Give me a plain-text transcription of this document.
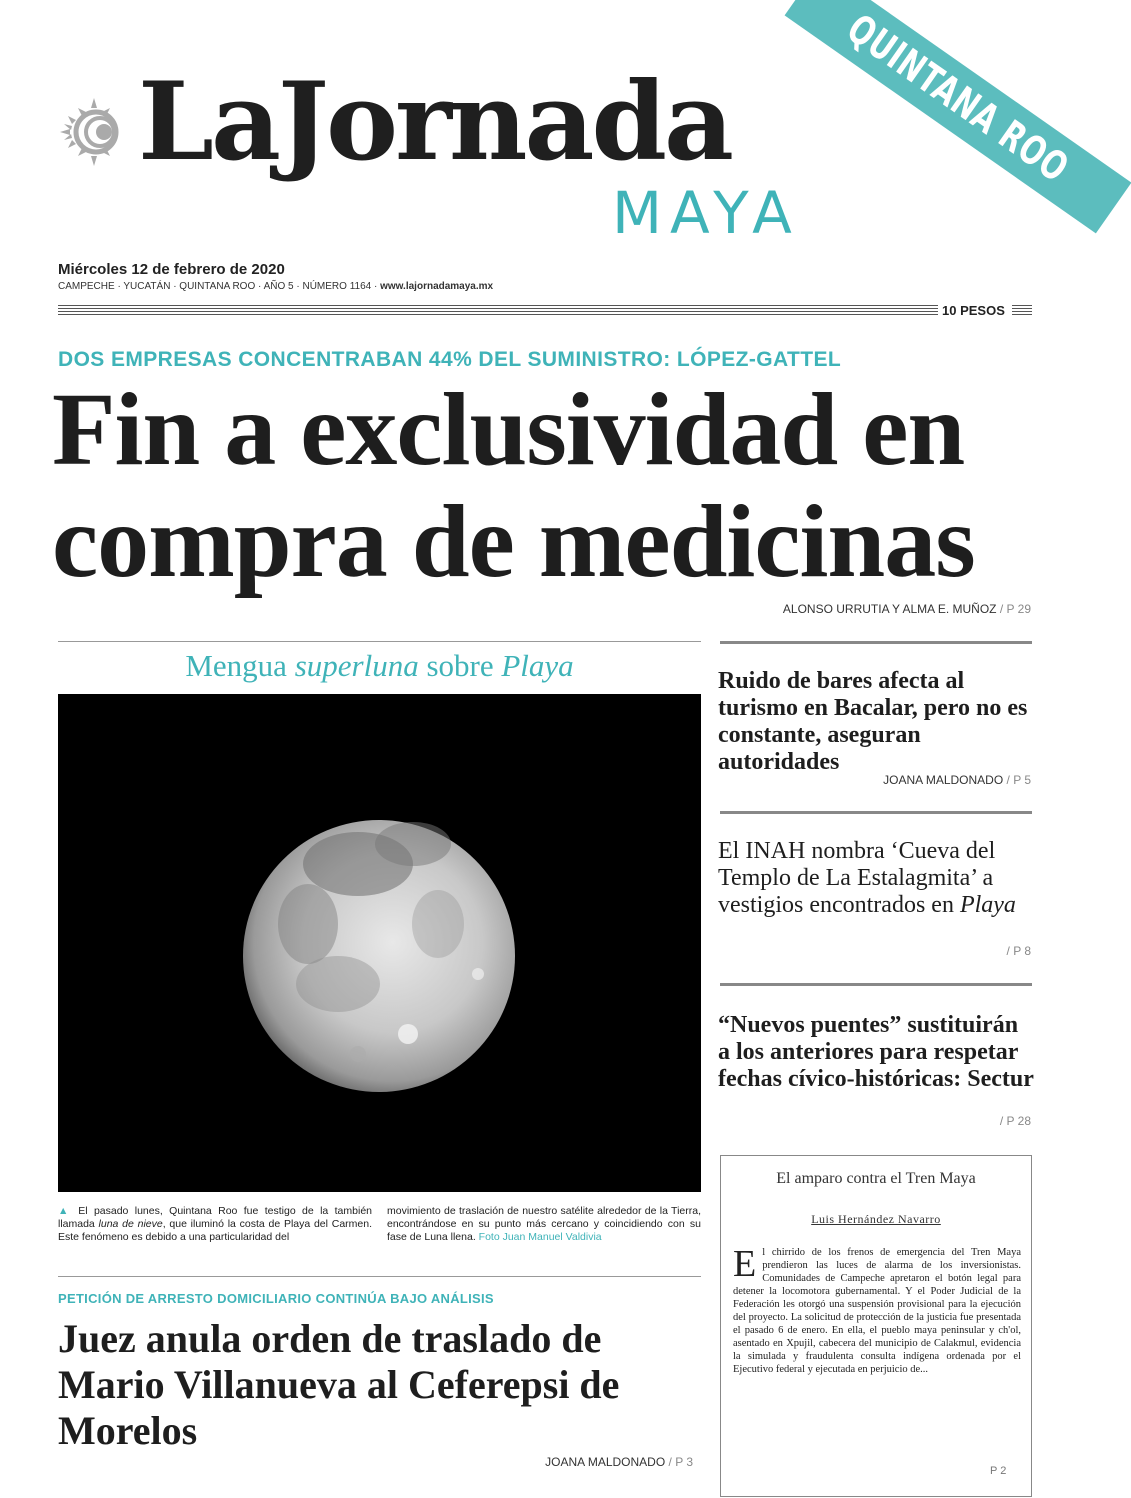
LaJornada
MAYA
QUINTANA ROO
Miércoles 12 de febrero de 2020
CAMPECHE · YUCATÁN · QUINTANA ROO · AÑO 5 · NÚMERO 1164 · www.lajornadamaya.mx
10 PESOS
DOS EMPRESAS CONCENTRABAN 44% DEL SUMINISTRO: LÓPEZ-GATTEL
Fin a exclusividad en compra de medicinas
ALONSO URRUTIA Y ALMA E. MUÑOZ / P 29
Mengua superluna sobre Playa
▲ El pasado lunes, Quintana Roo fue testigo de la también llamada luna de nieve, que iluminó la costa de Playa del Carmen. Este fenómeno es debido a una particularidad del
movimiento de traslación de nuestro satélite alrededor de la Tierra, encontrándose en su punto más cercano y coincidiendo con su fase de Luna llena. Foto Juan Manuel Valdivia
PETICIÓN DE ARRESTO DOMICILIARIO CONTINÚA BAJO ANÁLISIS
Juez anula orden de traslado de Mario Villanueva al Ceferepsi de Morelos
JOANA MALDONADO / P 3
Ruido de bares afecta al turismo en Bacalar, pero no es constante, aseguran autoridades
JOANA MALDONADO / P 5
El INAH nombra ‘Cueva del Templo de La Estalagmita’ a vestigios encontrados en Playa
/ P 8
“Nuevos puentes” sustituirán a los anteriores para respetar fechas cívico-históricas: Sectur
/ P 28
El amparo contra el Tren Maya
Luis Hernández Navarro
El chirrido de los frenos de emergencia del Tren Maya prendieron las luces de alarma de los inversionistas. Comunidades de Campeche apretaron el botón legal para detener la locomotora gubernamental. Y el Poder Judicial de la Federación les otorgó una suspensión provisional para la ejecución del proyecto. La solicitud de protección de la justicia fue presentada el pasado 6 de enero. En ella, el pueblo maya peninsular y ch'ol, asentado en Xpujil, cabecera del municipio de Calakmul, evidencia la simulada y fraudulenta consulta indígena ordenada por el Ejecutivo federal y ejecutada en perjuicio de...
P 2
